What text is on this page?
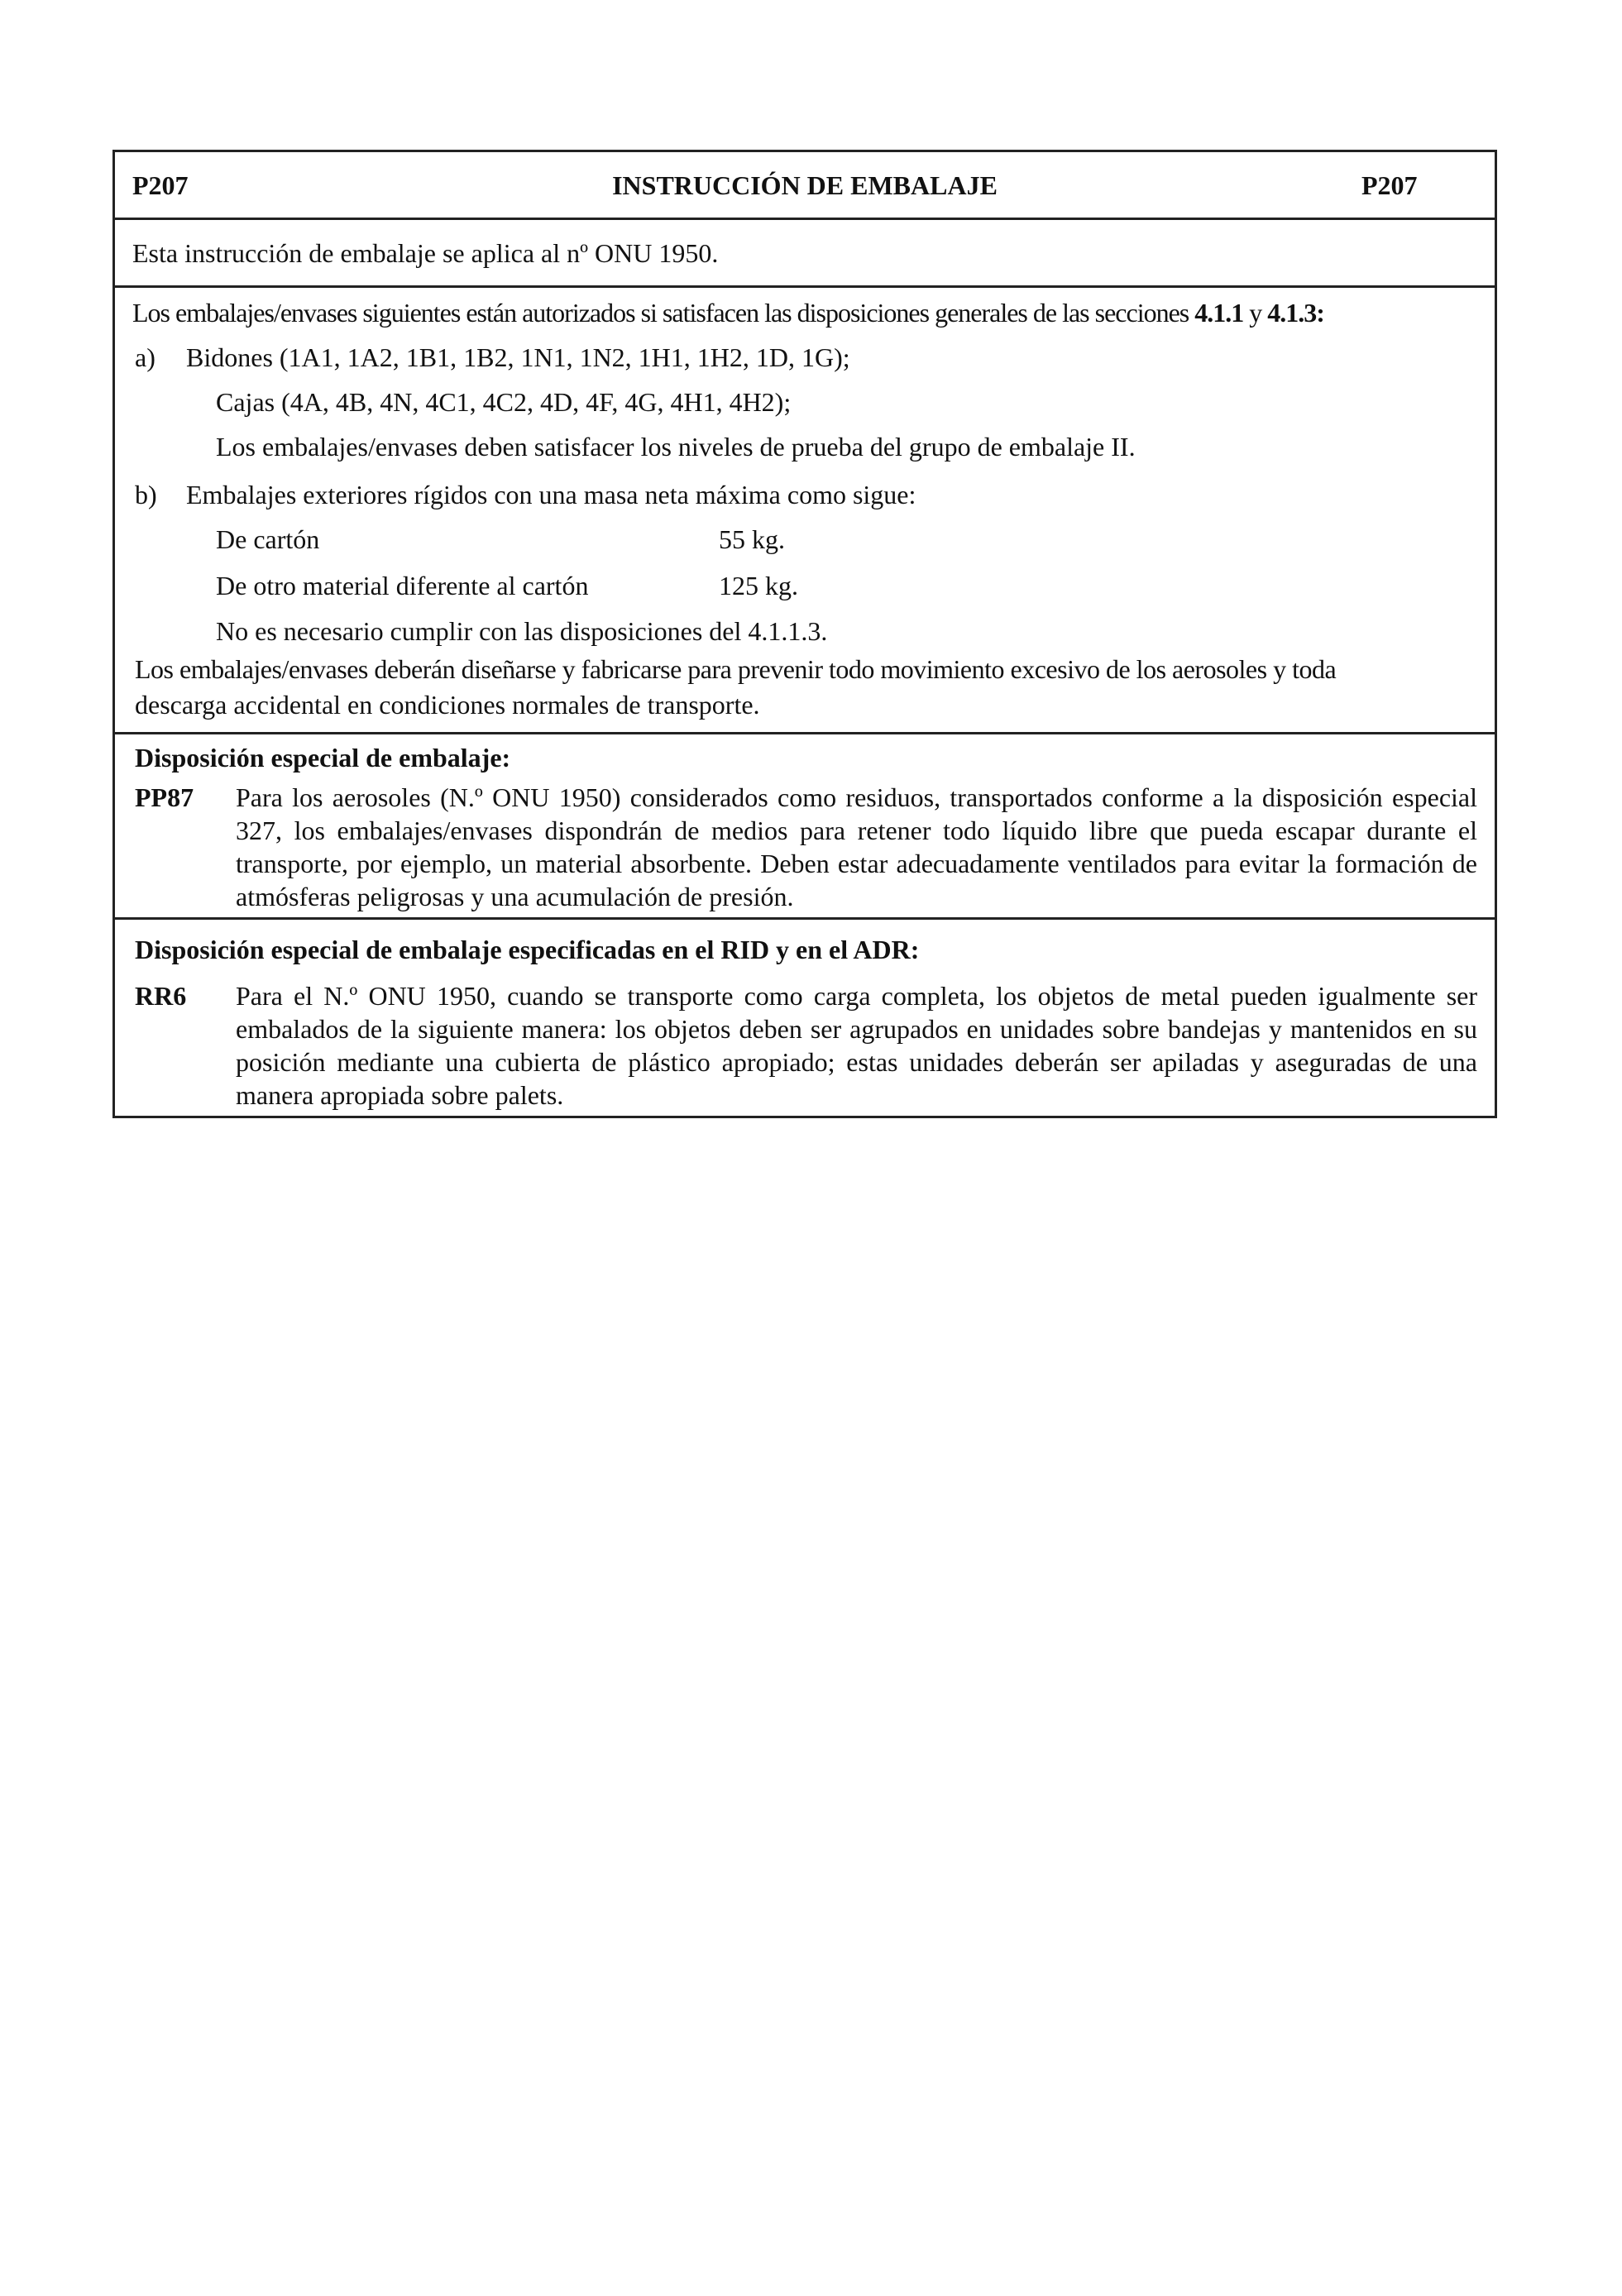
P207	INSTRUCCIÓN DE EMBALAJE	P207
Esta instrucción de embalaje se aplica al nº ONU 1950.
Los embalajes/envases siguientes están autorizados si satisfacen las disposiciones generales de las secciones 4.1.1 y 4.1.3:
a) Bidones (1A1, 1A2, 1B1, 1B2, 1N1, 1N2, 1H1, 1H2, 1D, 1G);
Cajas (4A, 4B, 4N, 4C1, 4C2, 4D, 4F, 4G, 4H1, 4H2);
Los embalajes/envases deben satisfacer los niveles de prueba del grupo de embalaje II.
b) Embalajes exteriores rígidos con una masa neta máxima como sigue:
De cartón	55 kg.
De otro material diferente al cartón	125 kg.
No es necesario cumplir con las disposiciones del 4.1.1.3.
Los embalajes/envases deberán diseñarse y fabricarse para prevenir todo movimiento excesivo de los aerosoles y toda
descarga accidental en condiciones normales de transporte.
Disposición especial de embalaje:
PP87 Para los aerosoles (N.º ONU 1950) considerados como residuos, transportados conforme a la disposición especial 327, los embalajes/envases dispondrán de medios para retener todo líquido libre que pueda escapar durante el transporte, por ejemplo, un material absorbente. Deben estar adecuadamente ventilados para evitar la formación de atmósferas peligrosas y una acumulación de presión.
Disposición especial de embalaje especificadas en el RID y en el ADR:
RR6 Para el N.º ONU 1950, cuando se transporte como carga completa, los objetos de metal pueden igualmente ser embalados de la siguiente manera: los objetos deben ser agrupados en unidades sobre bandejas y mantenidos en su posición mediante una cubierta de plástico apropiado; estas unidades deberán ser apiladas y aseguradas de una manera apropiada sobre palets.
